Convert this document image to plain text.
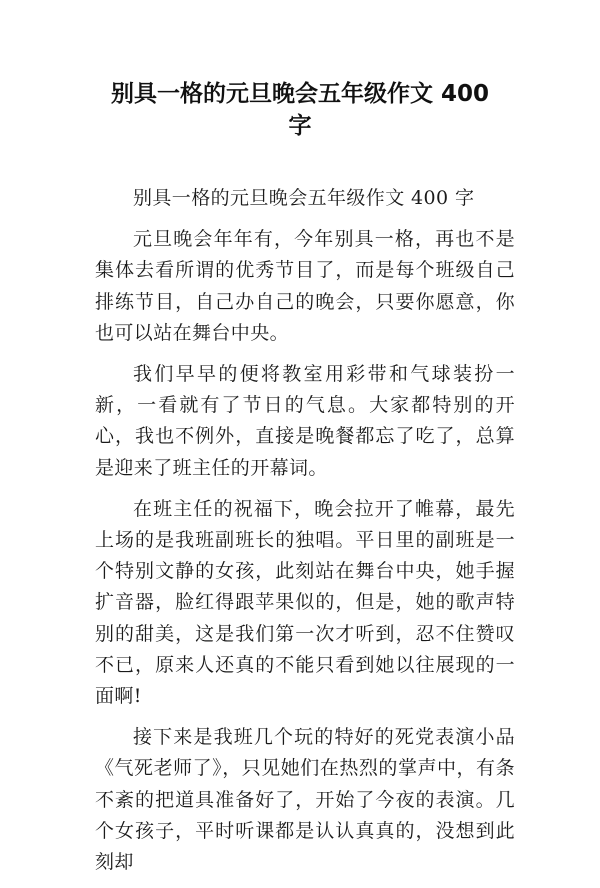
别具一格的元旦晚会五年级作文 400 字

别具一格的元旦晚会五年级作文 400 字

元旦晚会年年有，今年别具一格，再也不是集体去看所谓的优秀节目了，而是每个班级自己排练节目，自己办自己的晚会，只要你愿意，你也可以站在舞台中央。

我们早早的便将教室用彩带和气球装扮一新，一看就有了节日的气息。大家都特别的开心，我也不例外，直接是晚餐都忘了吃了，总算是迎来了班主任的开幕词。

在班主任的祝福下，晚会拉开了帷幕，最先上场的是我班副班长的独唱。平日里的副班是一个特别文静的女孩，此刻站在舞台中央，她手握扩音器，脸红得跟苹果似的，但是，她的歌声特别的甜美，这是我们第一次才听到，忍不住赞叹不已，原来人还真的不能只看到她以往展现的一面啊!

接下来是我班几个玩的特好的死党表演小品《气死老师了》，只见她们在热烈的掌声中，有条不紊的把道具准备好了，开始了今夜的表演。几个女孩子，平时听课都是认认真真的，没想到此刻却
